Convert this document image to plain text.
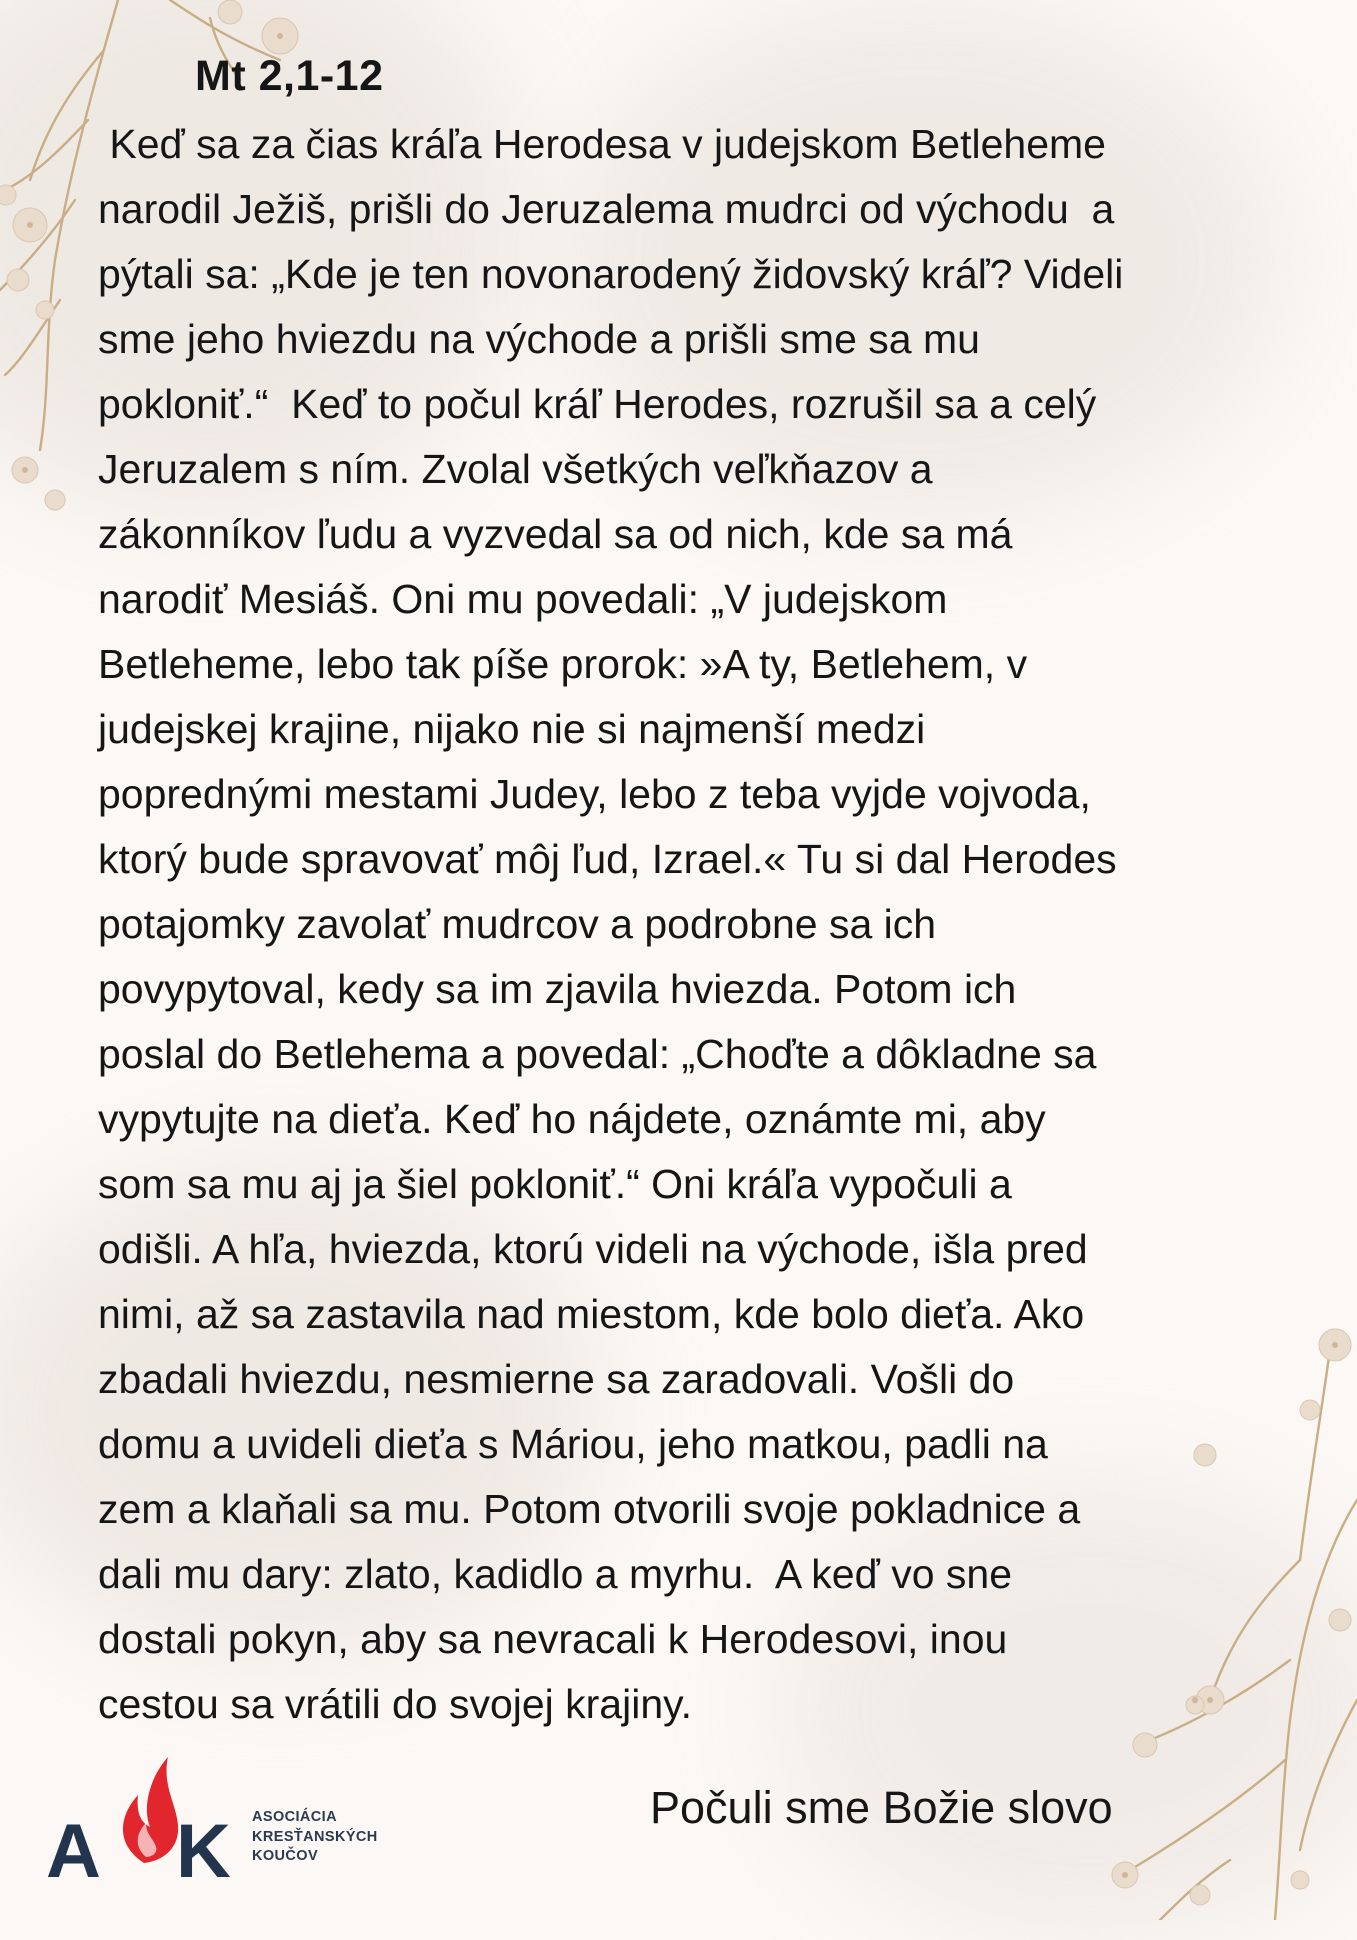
Mt 2,1-12
Keď sa za čias kráľa Herodesa v judejskom Betleheme
narodil Ježiš, prišli do Jeruzalema mudrci od východu  a
pýtali sa: „Kde je ten novonarodený židovský kráľ? Videli
sme jeho hviezdu na východe a prišli sme sa mu
pokloniť.“  Keď to počul kráľ Herodes, rozrušil sa a celý
Jeruzalem s ním. Zvolal všetkých veľkňazov a
zákonníkov ľudu a vyzvedal sa od nich, kde sa má
narodiť Mesiáš. Oni mu povedali: „V judejskom
Betleheme, lebo tak píše prorok: »A ty, Betlehem, v
judejskej krajine, nijako nie si najmenší medzi
poprednými mestami Judey, lebo z teba vyjde vojvoda,
ktorý bude spravovať môj ľud, Izrael.« Tu si dal Herodes
potajomky zavolať mudrcov a podrobne sa ich
povypytoval, kedy sa im zjavila hviezda. Potom ich
poslal do Betlehema a povedal: „Choďte a dôkladne sa
vypytujte na dieťa. Keď ho nájdete, oznámte mi, aby
som sa mu aj ja šiel pokloniť.“ Oni kráľa vypočuli a
odišli. A hľa, hviezda, ktorú videli na východe, išla pred
nimi, až sa zastavila nad miestom, kde bolo dieťa. Ako
zbadali hviezdu, nesmierne sa zaradovali. Vošli do
domu a uvideli dieťa s Máriou, jeho matkou, padli na
zem a klaňali sa mu. Potom otvorili svoje pokladnice a
dali mu dary: zlato, kadidlo a myrhu.  A keď vo sne
dostali pokyn, aby sa nevracali k Herodesovi, inou
cestou sa vrátili do svojej krajiny.

Počuli sme Božie slovo

A K ASOCIÁCIA
KRESŤANSKÝCH
KOUČOV
